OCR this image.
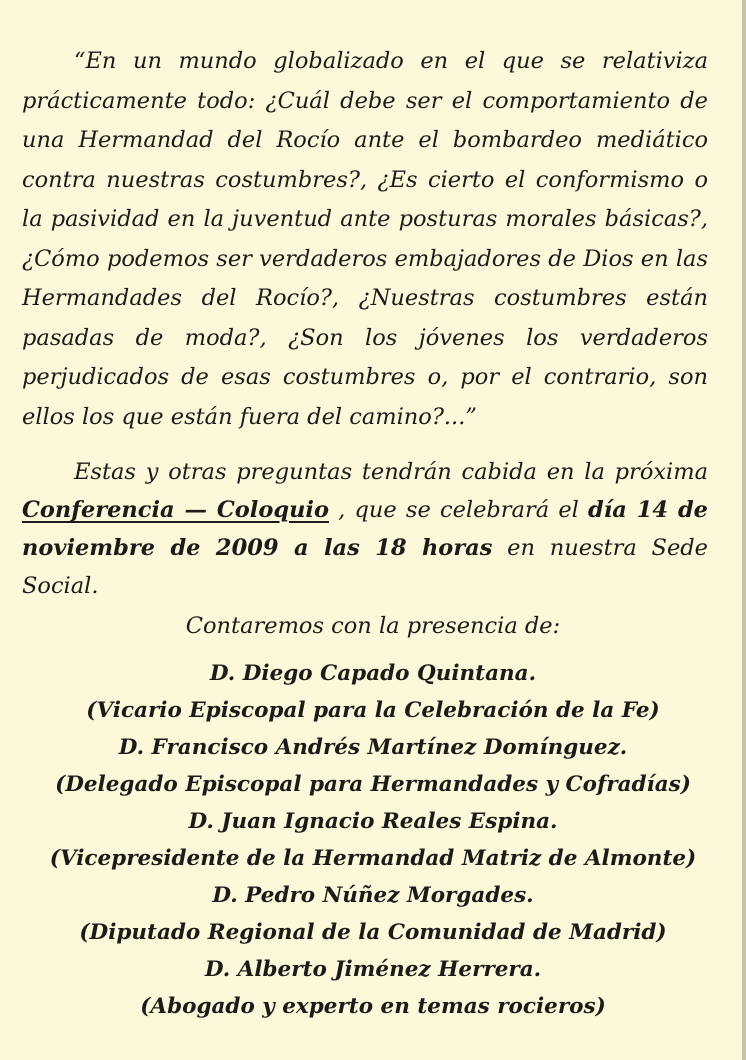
“En un mundo globalizado en el que se relativiza prácticamente todo: ¿Cuál debe ser el comportamiento de una Hermandad del Rocío ante el bombardeo mediático contra nuestras costumbres?, ¿Es cierto el conformismo o la pasividad en la juventud ante posturas morales básicas?, ¿Cómo podemos ser verdaderos embajadores de Dios en las Hermandades del Rocío?, ¿Nuestras costumbres están pasadas de moda?, ¿Son los jóvenes los verdaderos perjudicados de esas costumbres o, por el contrario, son ellos los que están fuera del camino?...”

Estas y otras preguntas tendrán cabida en la próxima Conferencia — Coloquio , que se celebrará el día 14 de noviembre de 2009 a las 18 horas en nuestra Sede Social.

Contaremos con la presencia de:

D. Diego Capado Quintana.
(Vicario Episcopal para la Celebración de la Fe)
D. Francisco Andrés Martínez Domínguez.
(Delegado Episcopal para Hermandades y Cofradías)
D. Juan Ignacio Reales Espina.
(Vicepresidente de la Hermandad Matriz de Almonte)
D. Pedro Núñez Morgades.
(Diputado Regional de la Comunidad de Madrid)
D. Alberto Jiménez Herrera.
(Abogado y experto en temas rocieros)
